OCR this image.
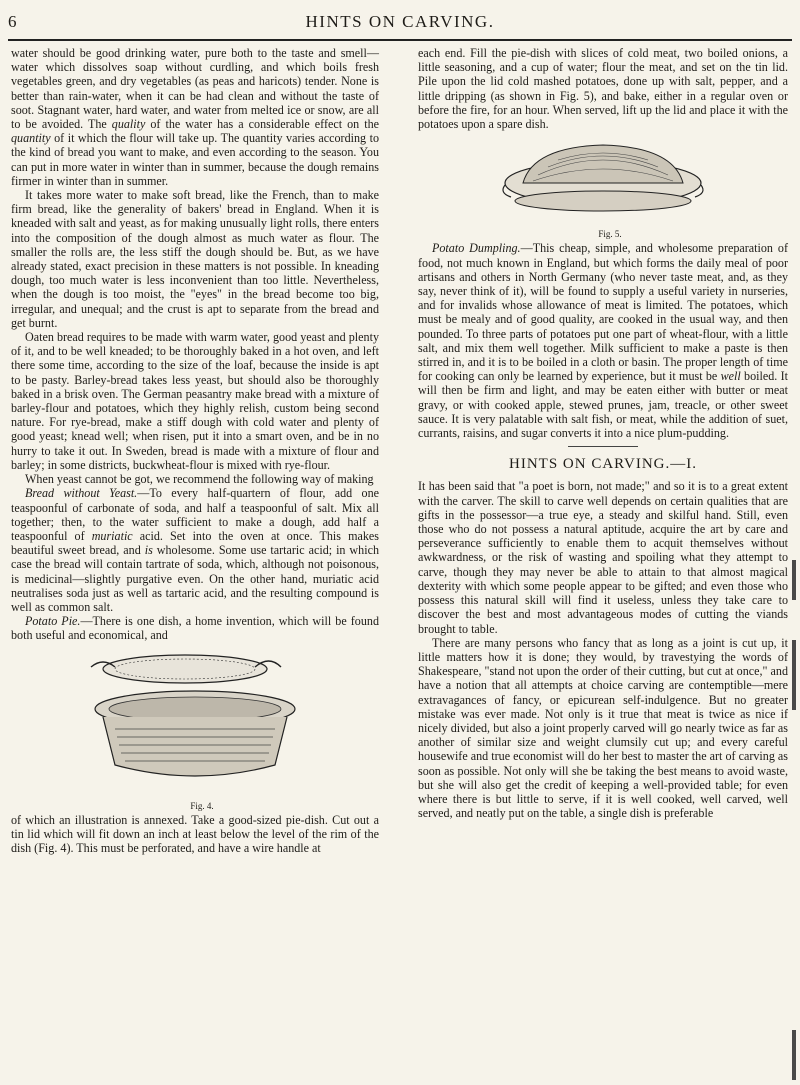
6	HINTS ON CARVING.

water should be good drinking water, pure both to the taste and smell—water which dissolves soap without curdling, and which boils fresh vegetables green, and dry vegetables (as peas and haricots) tender. None is better than rain-water, when it can be had clean and without the taste of soot. Stagnant water, hard water, and water from melted ice or snow, are all to be avoided. The quality of the water has a considerable effect on the quantity of it which the flour will take up. The quantity varies according to the kind of bread you want to make, and even according to the season. You can put in more water in winter than in summer, because the dough remains firmer in winter than in summer.

It takes more water to make soft bread, like the French, than to make firm bread, like the generality of bakers' bread in England. When it is kneaded with salt and yeast, as for making unusually light rolls, there enters into the composition of the dough almost as much water as flour. The smaller the rolls are, the less stiff the dough should be. But, as we have already stated, exact precision in these matters is not possible. In kneading dough, too much water is less inconvenient than too little. Nevertheless, when the dough is too moist, the "eyes" in the bread become too big, irregular, and unequal; and the crust is apt to separate from the bread and get burnt.

Oaten bread requires to be made with warm water, good yeast and plenty of it, and to be well kneaded; to be thoroughly baked in a hot oven, and left there some time, according to the size of the loaf, because the inside is apt to be pasty. Barley-bread takes less yeast, but should also be thoroughly baked in a brisk oven. The German peasantry make bread with a mixture of barley-flour and potatoes, which they highly relish, custom being second nature. For rye-bread, make a stiff dough with cold water and plenty of good yeast; knead well; when risen, put it into a smart oven, and be in no hurry to take it out. In Sweden, bread is made with a mixture of flour and barley; in some districts, buckwheat-flour is mixed with rye-flour.

When yeast cannot be got, we recommend the following way of making

Bread without Yeast.—To every half-quartern of flour, add one teaspoonful of carbonate of soda, and half a teaspoonful of salt. Mix all together; then, to the water sufficient to make a dough, add half a teaspoonful of muriatic acid. Set into the oven at once. This makes beautiful sweet bread, and is wholesome. Some use tartaric acid; in which case the bread will contain tartrate of soda, which, although not poisonous, is medicinal—slightly purgative even. On the other hand, muriatic acid neutralises soda just as well as tartaric acid, and the resulting compound is well as common salt.

Potato Pie.—There is one dish, a home invention, which will be found both useful and economical, and

Fig. 4.

of which an illustration is annexed. Take a good-sized pie-dish. Cut out a tin lid which will fit down an inch at least below the level of the rim of the dish (Fig. 4). This must be perforated, and have a wire handle at

each end. Fill the pie-dish with slices of cold meat, two boiled onions, a little seasoning, and a cup of water; flour the meat, and set on the tin lid. Pile upon the lid cold mashed potatoes, done up with salt, pepper, and a little dripping (as shown in Fig. 5), and bake, either in a regular oven or before the fire, for an hour. When served, lift up the lid and place it with the potatoes upon a spare dish.

Fig. 5.

Potato Dumpling.—This cheap, simple, and wholesome preparation of food, not much known in England, but which forms the daily meal of poor artisans and others in North Germany (who never taste meat, and, as they say, never think of it), will be found to supply a useful variety in nurseries, and for invalids whose allowance of meat is limited. The potatoes, which must be mealy and of good quality, are cooked in the usual way, and then pounded. To three parts of potatoes put one part of wheat-flour, with a little salt, and mix them well together. Milk sufficient to make a paste is then stirred in, and it is to be boiled in a cloth or basin. The proper length of time for cooking can only be learned by experience, but it must be well boiled. It will then be firm and light, and may be eaten either with butter or meat gravy, or with cooked apple, stewed prunes, jam, treacle, or other sweet sauce. It is very palatable with salt fish, or meat, while the addition of suet, currants, raisins, and sugar converts it into a nice plum-pudding.

HINTS ON CARVING.—I.

It has been said that "a poet is born, not made;" and so it is to a great extent with the carver. The skill to carve well depends on certain qualities that are gifts in the possessor—a true eye, a steady and skilful hand. Still, even those who do not possess a natural aptitude, acquire the art by care and perseverance sufficiently to enable them to acquit themselves without awkwardness, or the risk of wasting and spoiling what they attempt to carve, though they may never be able to attain to that almost magical dexterity with which some people appear to be gifted; and even those who possess this natural skill will find it useless, unless they take care to discover the best and most advantageous modes of cutting the viands brought to table.

There are many persons who fancy that as long as a joint is cut up, it little matters how it is done; they would, by travestying the words of Shakespeare, "stand not upon the order of their cutting, but cut at once," and have a notion that all attempts at choice carving are contemptible—mere extravagances of fancy, or epicurean self-indulgence. But no greater mistake was ever made. Not only is it true that meat is twice as nice if nicely divided, but also a joint properly carved will go nearly twice as far as another of similar size and weight clumsily cut up; and every careful housewife and true economist will do her best to master the art of carving as soon as possible. Not only will she be taking the best means to avoid waste, but she will also get the credit of keeping a well-provided table; for even where there is but little to serve, if it is well cooked, well carved, well served, and neatly put on the table, a single dish is preferable
